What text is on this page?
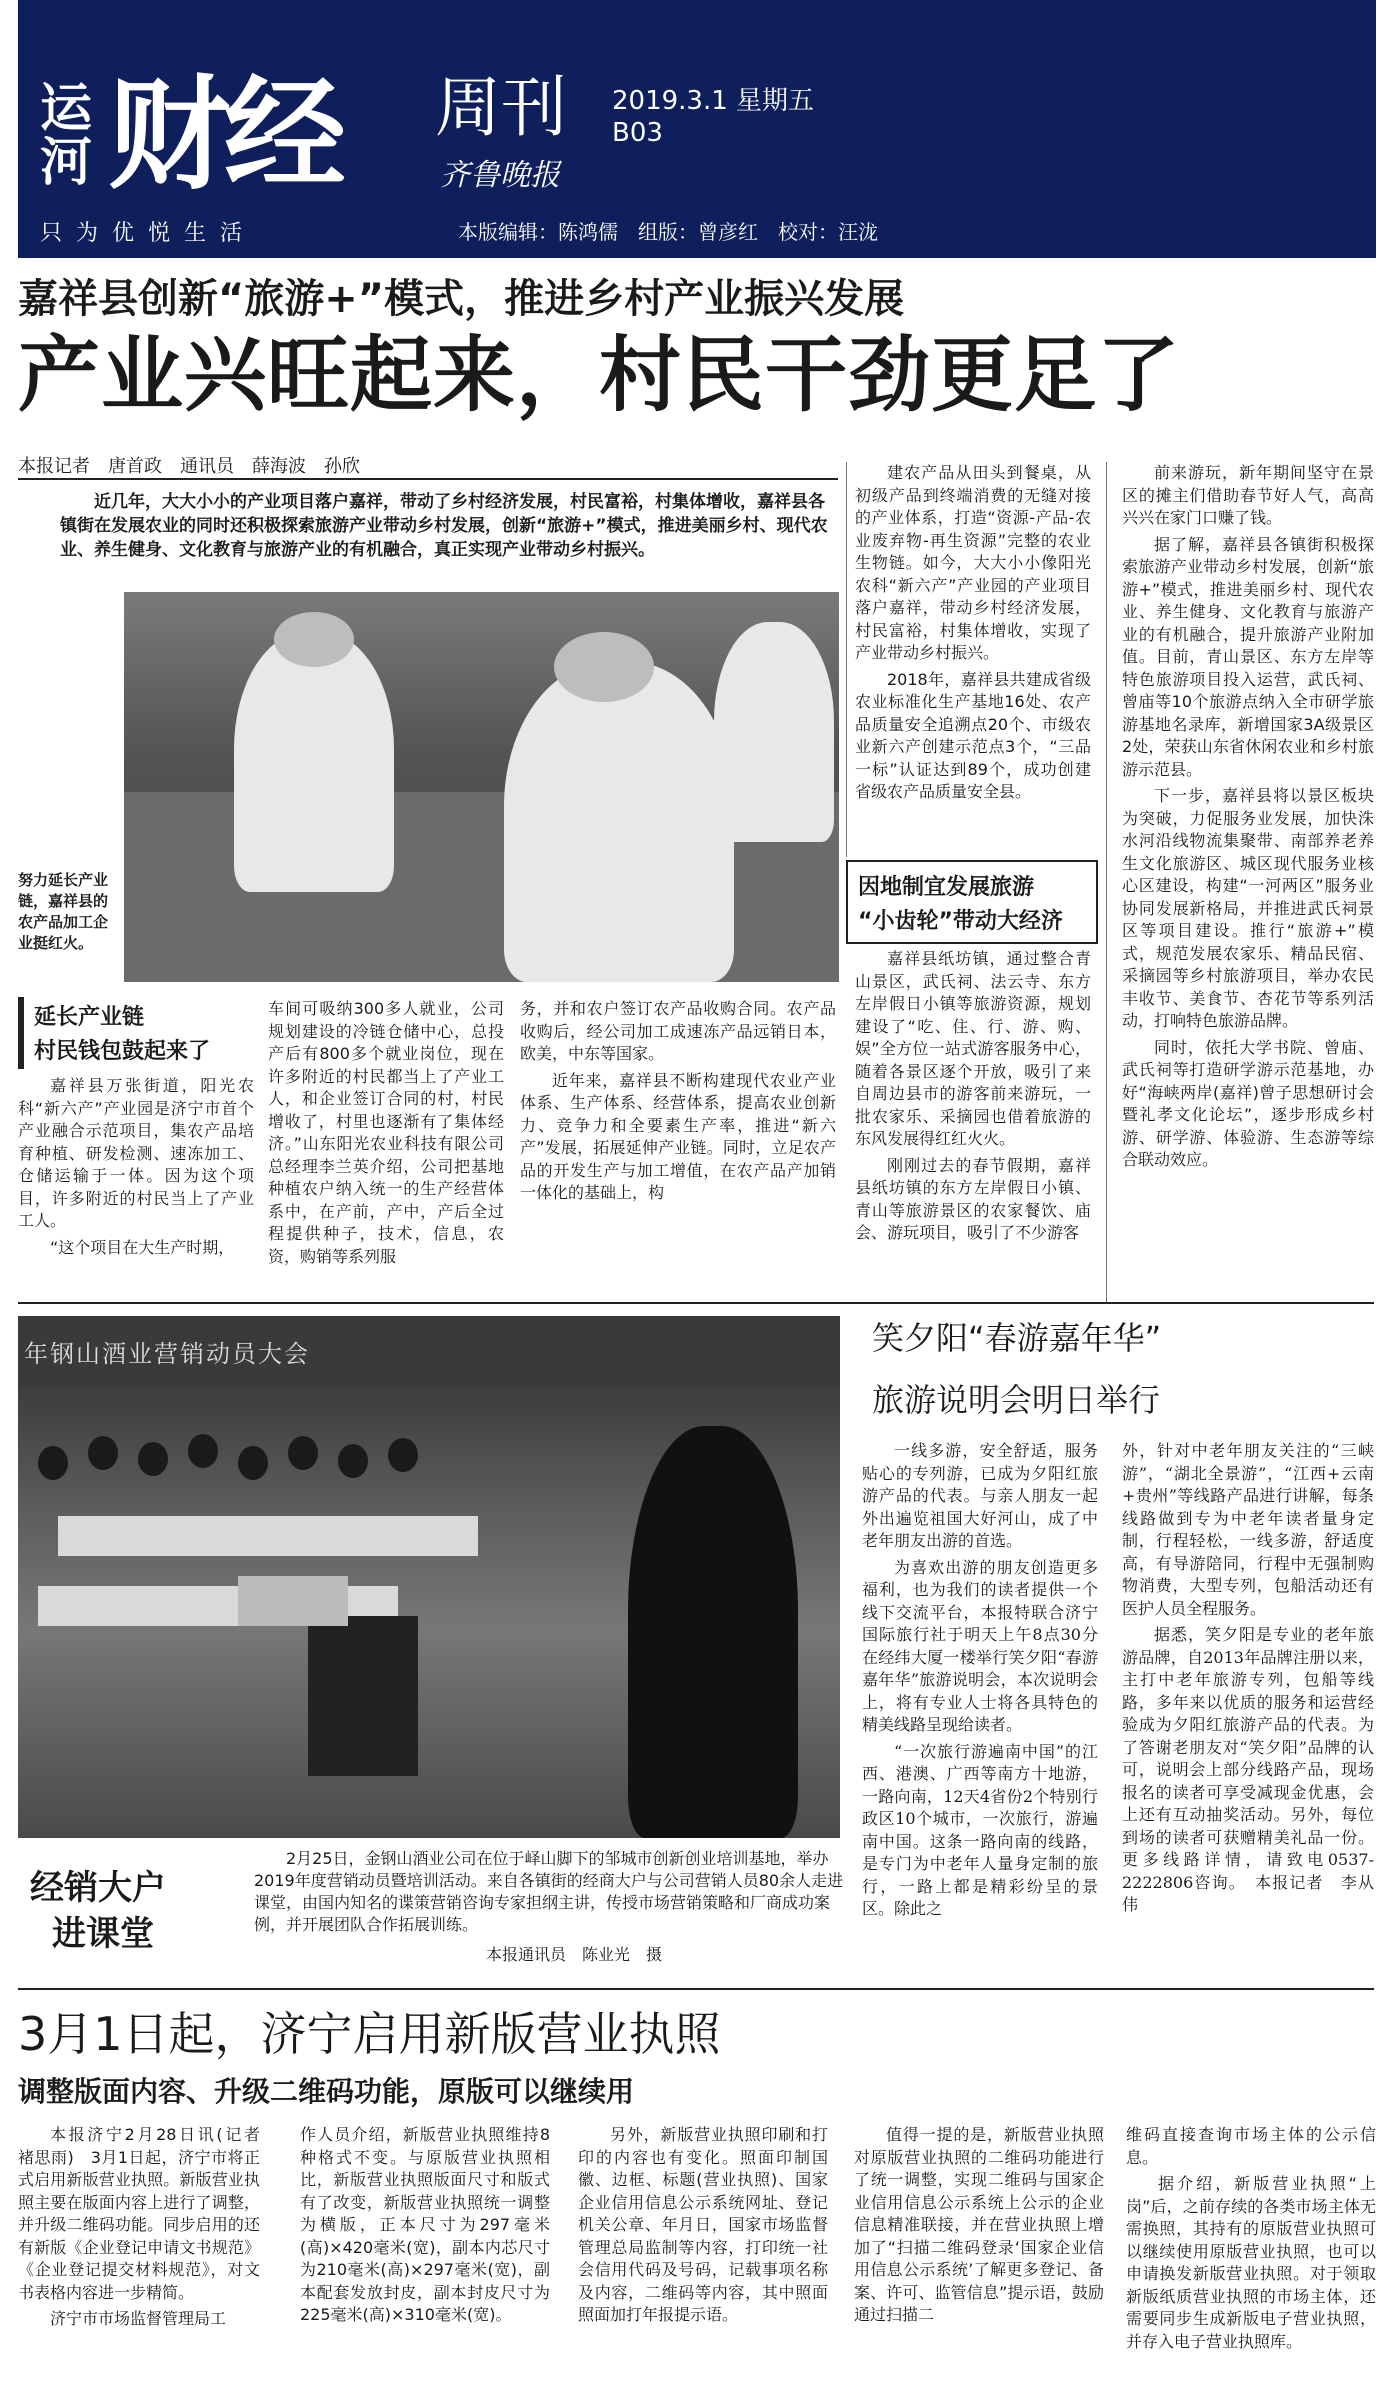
运河 财经 周刊
齐鲁晚报
2019.3.1 星期五
B03
只为优悦生活	本版编辑：陈鸿儒　组版：曾彦红　校对：汪泷
嘉祥县创新“旅游+”模式，推进乡村产业振兴发展
产业兴旺起来，村民干劲更足了
本报记者　唐首政　通讯员　薛海波　孙欣
近几年，大大小小的产业项目落户嘉祥，带动了乡村经济发展，村民富裕，村集体增收，嘉祥县各镇街在发展农业的同时还积极探索旅游产业带动乡村发展，创新“旅游+”模式，推进美丽乡村、现代农业、养生健身、文化教育与旅游产业的有机融合，真正实现产业带动乡村振兴。
努力延长产业链，嘉祥县的农产品加工企业挺红火。
延长产业链
村民钱包鼓起来了

建农产品从田头到餐桌，从初级产品到终端消费的无缝对接的产业体系，打造“资源-产品-农业废弃物-再生资源”完整的农业生物链。如今，大大小小像阳光农科“新六产”产业园的产业项目落户嘉祥，带动乡村经济发展，村民富裕，村集体增收，实现了产业带动乡村振兴。

2018年，嘉祥县共建成省级农业标准化生产基地16处、农产品质量安全追溯点20个、市级农业新六产创建示范点3个，“三品一标”认证达到89个，成功创建省级农产品质量安全县。

因地制宜发展旅游
“小齿轮”带动大经济

嘉祥县纸坊镇，通过整合青山景区，武氏祠、法云寺、东方左岸假日小镇等旅游资源，规划建设了“吃、住、行、游、购、娱”全方位一站式游客服务中心，随着各景区逐个开放，吸引了来自周边县市的游客前来游玩，一批农家乐、采摘园也借着旅游的东风发展得红红火火。

刚刚过去的春节假期，嘉祥县纸坊镇的东方左岸假日小镇、青山等旅游景区的农家餐饮、庙会、游玩项目，吸引了不少游客

前来游玩，新年期间坚守在景区的摊主们借助春节好人气，高高兴兴在家门口赚了钱。

据了解，嘉祥县各镇街积极探索旅游产业带动乡村发展，创新“旅游+”模式，推进美丽乡村、现代农业、养生健身、文化教育与旅游产业的有机融合，提升旅游产业附加值。目前，青山景区、东方左岸等特色旅游项目投入运营，武氏祠、曾庙等10个旅游点纳入全市研学旅游基地名录库，新增国家3A级景区2处，荣获山东省休闲农业和乡村旅游示范县。

下一步，嘉祥县将以景区板块为突破，力促服务业发展，加快洙水河沿线物流集聚带、南部养老养生文化旅游区、城区现代服务业核心区建设，构建“一河两区”服务业协同发展新格局，并推进武氏祠景区等项目建设。推行“旅游+”模式，规范发展农家乐、精品民宿、采摘园等乡村旅游项目，举办农民丰收节、美食节、杏花节等系列活动，打响特色旅游品牌。

同时，依托大学书院、曾庙、武氏祠等打造研学游示范基地，办好“海峡两岸(嘉祥)曾子思想研讨会暨礼孝文化论坛”，逐步形成乡村游、研学游、体验游、生态游等综合联动效应。

嘉祥县万张街道，阳光农科“新六产”产业园是济宁市首个产业融合示范项目，集农产品培育种植、研发检测、速冻加工、仓储运输于一体。因为这个项目，许多附近的村民当上了产业工人。

“这个项目在大生产时期，

车间可吸纳300多人就业，公司规划建设的冷链仓储中心，总投产后有800多个就业岗位，现在许多附近的村民都当上了产业工人，和企业签订合同的村，村民增收了，村里也逐渐有了集体经济。”山东阳光农业科技有限公司总经理李兰英介绍，公司把基地种植农户纳入统一的生产经营体系中，在产前，产中，产后全过程提供种子，技术，信息，农资，购销等系列服

务，并和农户签订农产品收购合同。农产品收购后，经公司加工成速冻产品远销日本，欧美，中东等国家。

近年来，嘉祥县不断构建现代农业产业体系、生产体系、经营体系，提高农业创新力、竞争力和全要素生产率，推进“新六产”发展，拓展延伸产业链。同时，立足农产品的开发生产与加工增值，在农产品产加销一体化的基础上，构

年钢山酒业营销动员大会
经销大户
进课堂
2月25日，金钢山酒业公司在位于峄山脚下的邹城市创新创业培训基地，举办2019年度营销动员暨培训活动。来自各镇街的经商大户与公司营销人员80余人走进课堂，由国内知名的谍策营销咨询专家担纲主讲，传授市场营销策略和厂商成功案例，并开展团队合作拓展训练。
本报通讯员　陈业光　摄
笑夕阳“春游嘉年华”
旅游说明会明日举行

一线多游，安全舒适，服务贴心的专列游，已成为夕阳红旅游产品的代表。与亲人朋友一起外出遍览祖国大好河山，成了中老年朋友出游的首选。

为喜欢出游的朋友创造更多福利，也为我们的读者提供一个线下交流平台，本报特联合济宁国际旅行社于明天上午8点30分在经纬大厦一楼举行笑夕阳“春游嘉年华”旅游说明会，本次说明会上，将有专业人士将各具特色的精美线路呈现给读者。

“一次旅行游遍南中国”的江西、港澳、广西等南方十地游，一路向南，12天4省份2个特别行政区10个城市，一次旅行，游遍南中国。这条一路向南的线路，是专门为中老年人量身定制的旅行，一路上都是精彩纷呈的景区。除此之

外，针对中老年朋友关注的“三峡游”，“湖北全景游”，“江西+云南+贵州”等线路产品进行讲解，每条线路做到专为中老年读者量身定制，行程轻松，一线多游，舒适度高，有导游陪同，行程中无强制购物消费，大型专列，包船活动还有医护人员全程服务。

据悉，笑夕阳是专业的老年旅游品牌，自2013年品牌注册以来，主打中老年旅游专列，包船等线路，多年来以优质的服务和运营经验成为夕阳红旅游产品的代表。为了答谢老朋友对“笑夕阳”品牌的认可，说明会上部分线路产品，现场报名的读者可享受减现金优惠，会上还有互动抽奖活动。另外，每位到场的读者可获赠精美礼品一份。更多线路详情，请致电0537-2222806咨询。　本报记者　李从伟

3月1日起，济宁启用新版营业执照
调整版面内容、升级二维码功能，原版可以继续用

本报济宁2月28日讯(记者　褚思雨)　3月1日起，济宁市将正式启用新版营业执照。新版营业执照主要在版面内容上进行了调整，并升级二维码功能。同步启用的还有新版《企业登记申请文书规范》《企业登记提交材料规范》，对文书表格内容进一步精简。

济宁市市场监督管理局工

作人员介绍，新版营业执照维持8种格式不变。与原版营业执照相比，新版营业执照版面尺寸和版式有了改变，新版营业执照统一调整为横版，正本尺寸为297毫米(高)×420毫米(宽)，副本内芯尺寸为210毫米(高)×297毫米(宽)，副本配套发放封皮，副本封皮尺寸为225毫米(高)×310毫米(宽)。

另外，新版营业执照印刷和打印的内容也有变化。照面印制国徽、边框、标题(营业执照)、国家企业信用信息公示系统网址、登记机关公章、年月日，国家市场监督管理总局监制等内容，打印统一社会信用代码及号码，记载事项名称及内容，二维码等内容，其中照面照面加打年报提示语。

值得一提的是，新版营业执照对原版营业执照的二维码功能进行了统一调整，实现二维码与国家企业信用信息公示系统上公示的企业信息精准联接，并在营业执照上增加了“扫描二维码登录‘国家企业信用信息公示系统’了解更多登记、备案、许可、监管信息”提示语，鼓励通过扫描二

维码直接查询市场主体的公示信息。

据介绍，新版营业执照“上岗”后，之前存续的各类市场主体无需换照，其持有的原版营业执照可以继续使用原版营业执照，也可以申请换发新版营业执照。对于领取新版纸质营业执照的市场主体，还需要同步生成新版电子营业执照，并存入电子营业执照库。
